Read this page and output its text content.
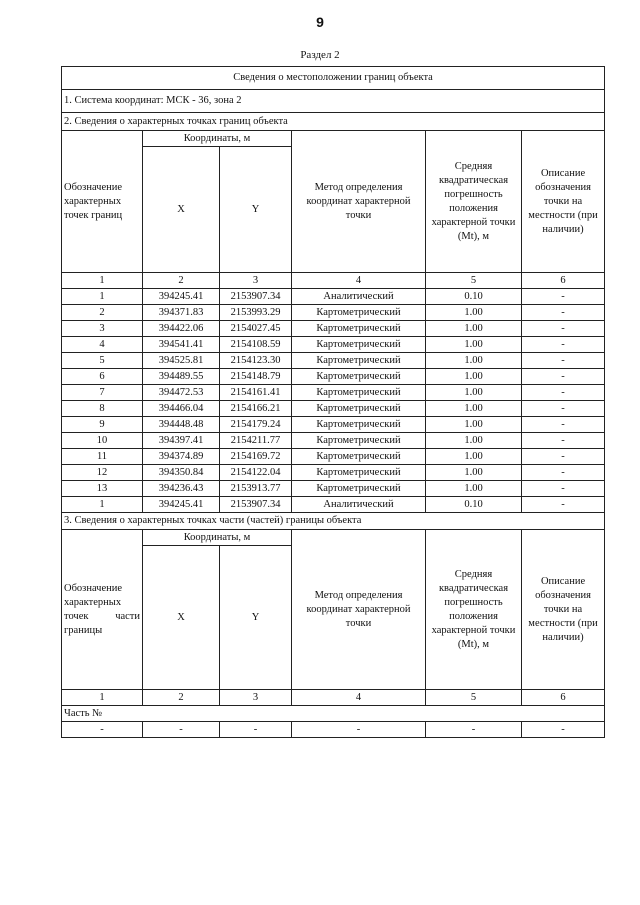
9
Раздел 2
Сведения о местоположении границ объекта					
1. Система координат: МСК - 36, зона 2					
2. Сведения о характерных точках границ объекта					
Обозначение характерных точек границ	Координаты, м		Метод определения координат характерной точки	Средняя квадратическая погрешность положения характерной точки (Mt), м	Описание обозначения точки на местности (при наличии)
	X	Y			
1	2	3	4	5	6
1	394245.41	2153907.34	Аналитический	0.10	-
2	394371.83	2153993.29	Картометрический	1.00	-
3	394422.06	2154027.45	Картометрический	1.00	-
4	394541.41	2154108.59	Картометрический	1.00	-
5	394525.81	2154123.30	Картометрический	1.00	-
6	394489.55	2154148.79	Картометрический	1.00	-
7	394472.53	2154161.41	Картометрический	1.00	-
8	394466.04	2154166.21	Картометрический	1.00	-
9	394448.48	2154179.24	Картометрический	1.00	-
10	394397.41	2154211.77	Картометрический	1.00	-
11	394374.89	2154169.72	Картометрический	1.00	-
12	394350.84	2154122.04	Картометрический	1.00	-
13	394236.43	2153913.77	Картометрический	1.00	-
1	394245.41	2153907.34	Аналитический	0.10	-
3. Сведения о характерных точках части (частей) границы объекта					
Обозначение характерных точек части границы	Координаты, м		Метод определения координат характерной точки	Средняя квадратическая погрешность положения характерной точки (Mt), м	Описание обозначения точки на местности (при наличии)
	X	Y			
1	2	3	4	5	6
Часть №					
-	-	-	-	-	-
